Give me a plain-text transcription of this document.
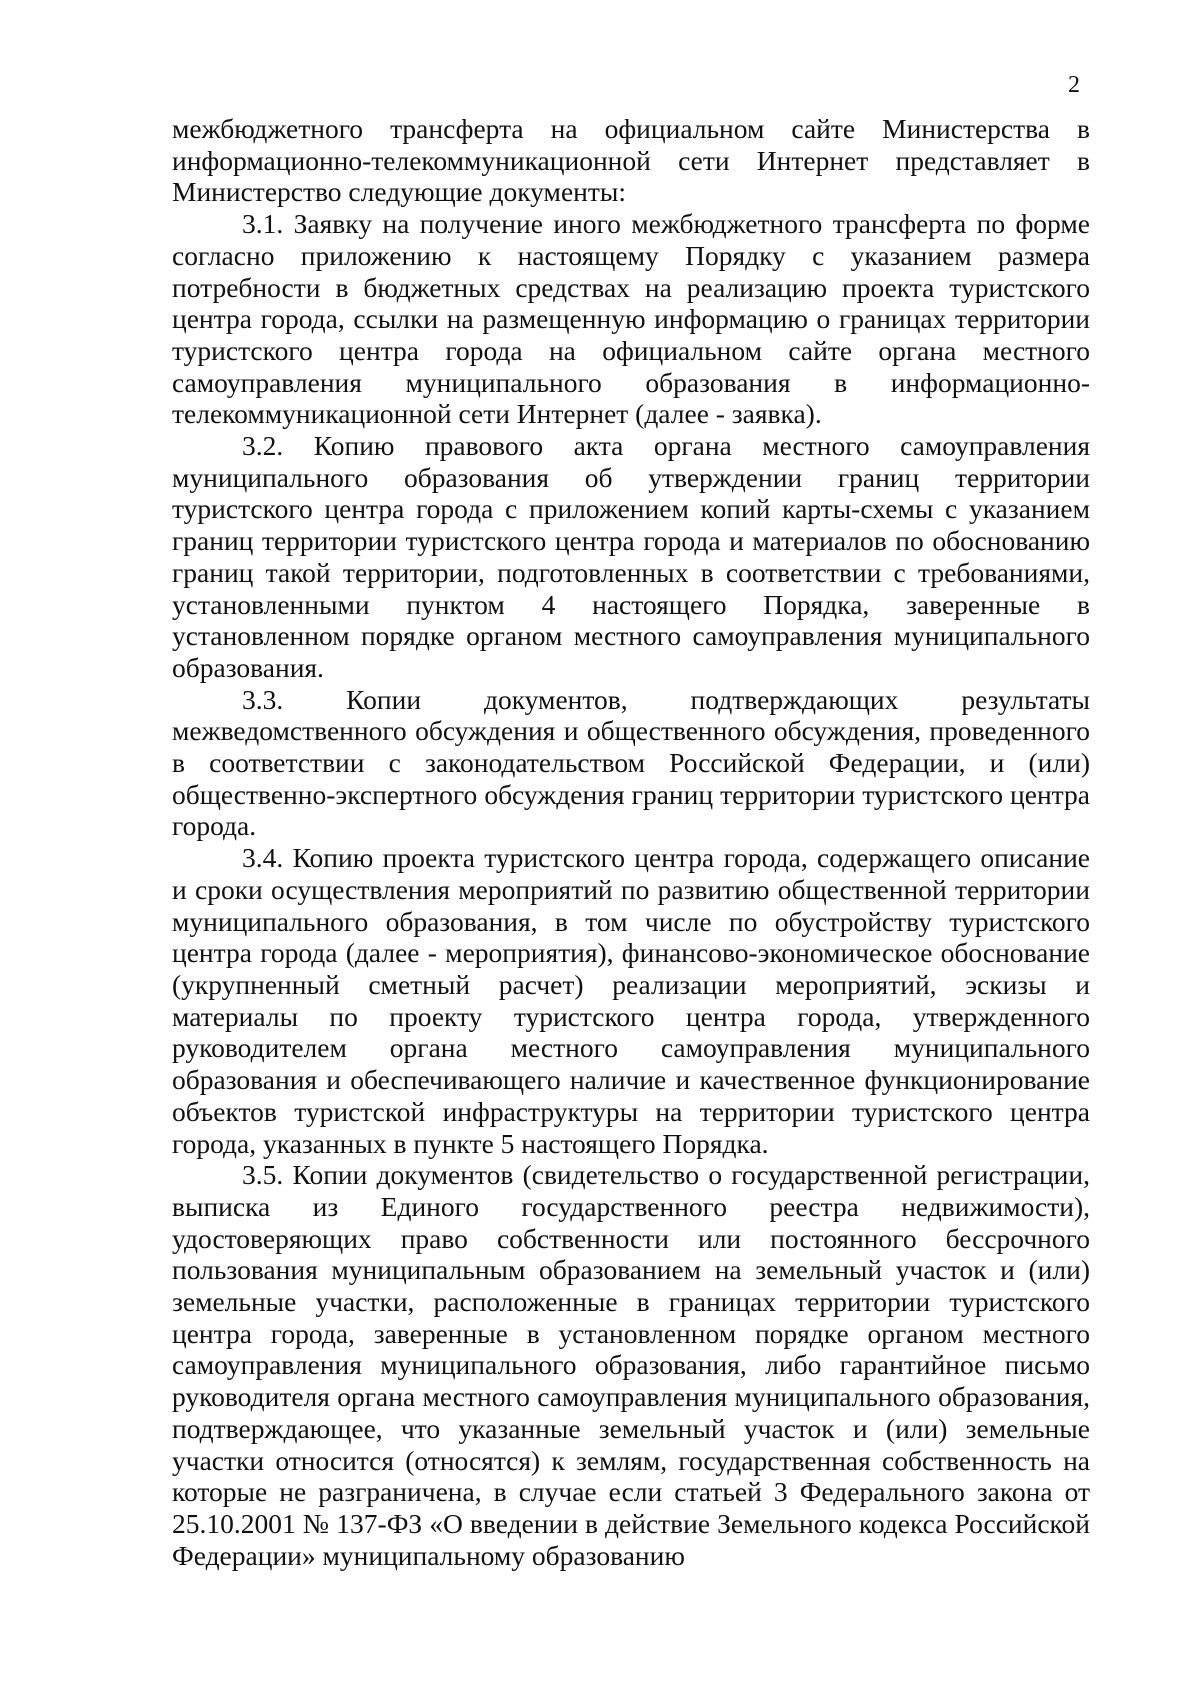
2

межбюджетного трансферта на официальном сайте Министерства в информационно-телекоммуникационной сети Интернет представляет в Министерство следующие документы:

3.1. Заявку на получение иного межбюджетного трансферта по форме согласно приложению к настоящему Порядку с указанием размера потребности в бюджетных средствах на реализацию проекта туристского центра города, ссылки на размещенную информацию о границах территории туристского центра города на официальном сайте органа местного самоуправления муниципального образования в информационно-телекоммуникационной сети Интернет (далее - заявка).

3.2. Копию правового акта органа местного самоуправления муниципального образования об утверждении границ территории туристского центра города с приложением копий карты-схемы с указанием границ территории туристского центра города и материалов по обоснованию границ такой территории, подготовленных в соответствии с требованиями, установленными пунктом 4 настоящего Порядка, заверенные в установленном порядке органом местного самоуправления муниципального образования.

3.3. Копии документов, подтверждающих результаты межведомственного обсуждения и общественного обсуждения, проведенного в соответствии с законодательством Российской Федерации, и (или) общественно-экспертного обсуждения границ территории туристского центра города.

3.4. Копию проекта туристского центра города, содержащего описание и сроки осуществления мероприятий по развитию общественной территории муниципального образования, в том числе по обустройству туристского центра города (далее - мероприятия), финансово-экономическое обоснование (укрупненный сметный расчет) реализации мероприятий, эскизы и материалы по проекту туристского центра города, утвержденного руководителем органа местного самоуправления муниципального образования и обеспечивающего наличие и качественное функционирование объектов туристской инфраструктуры на территории туристского центра города, указанных в пункте 5 настоящего Порядка.

3.5. Копии документов (свидетельство о государственной регистрации, выписка из Единого государственного реестра недвижимости), удостоверяющих право собственности или постоянного бессрочного пользования муниципальным образованием на земельный участок и (или) земельные участки, расположенные в границах территории туристского центра города, заверенные в установленном порядке органом местного самоуправления муниципального образования, либо гарантийное письмо руководителя органа местного самоуправления муниципального образования, подтверждающее, что указанные земельный участок и (или) земельные участки относится (относятся) к землям, государственная собственность на которые не разграничена, в случае если статьей 3 Федерального закона от 25.10.2001 № 137-ФЗ «О введении в действие Земельного кодекса Российской Федерации» муниципальному образованию
